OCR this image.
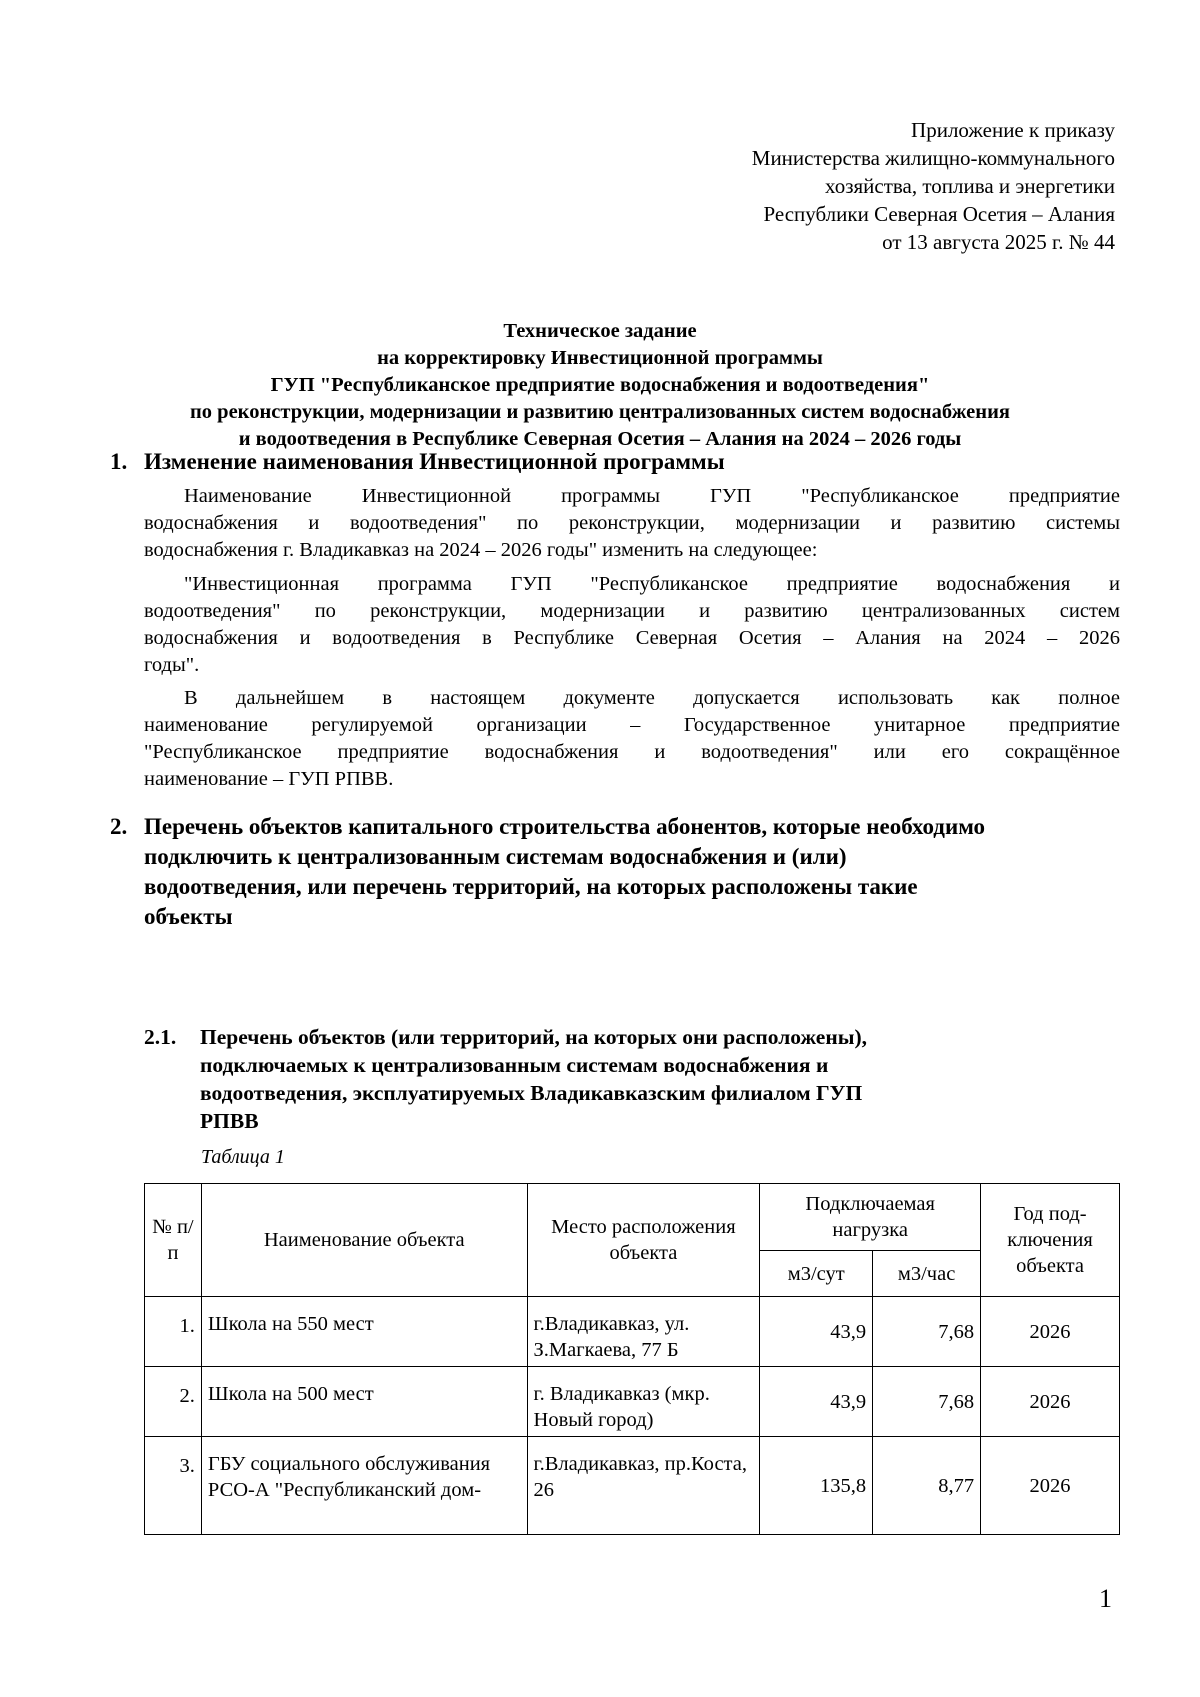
Приложение к приказу
Министерства жилищно-коммунального
хозяйства, топлива и энергетики
Республики Северная Осетия – Алания
от 13 августа 2025 г. № 44
Техническое задание
на корректировку Инвестиционной программы
ГУП "Республиканское предприятие водоснабжения и водоотведения"
по реконструкции, модернизации и развитию централизованных систем водоснабжения
и водоотведения в Республике Северная Осетия – Алания на 2024 – 2026 годы
1. Изменение наименования Инвестиционной программы
Наименование Инвестиционной программы ГУП "Республиканское предприятие
водоснабжения и водоотведения" по реконструкции, модернизации и развитию системы
водоснабжения г. Владикавказ на 2024 – 2026 годы" изменить на следующее:
"Инвестиционная программа ГУП "Республиканское предприятие водоснабжения и
водоотведения" по реконструкции, модернизации и развитию централизованных систем
водоснабжения и водоотведения в Республике Северная Осетия – Алания на 2024 – 2026
годы".
В дальнейшем в настоящем документе допускается использовать как полное
наименование регулируемой организации – Государственное унитарное предприятие
"Республиканское предприятие водоснабжения и водоотведения" или его сокращённое
наименование – ГУП РПВВ.
2. Перечень объектов капитального строительства абонентов, которые необходимо
подключить к централизованным системам водоснабжения и (или)
водоотведения, или перечень территорий, на которых расположены такие
объекты
2.1. Перечень объектов (или территорий, на которых они расположены),
подключаемых к централизованным системам водоснабжения и
водоотведения, эксплуатируемых Владикавказским филиалом ГУП
РПВВ
Таблица 1
№ п/п	Наименование объекта	Место расположения объекта	Подключаемая нагрузка		Год под-ключения объекта
			м3/сут	м3/час	
1.	Школа на 550 мест	г.Владикавказ, ул. З.Магкаева, 77 Б	43,9	7,68	2026
2.	Школа на 500 мест	г. Владикавказ (мкр. Новый город)	43,9	7,68	2026
3.	ГБУ социального обслуживания РСО-А "Республиканский дом-	г.Владикавказ, пр.Коста, 26	135,8	8,77	2026
1
